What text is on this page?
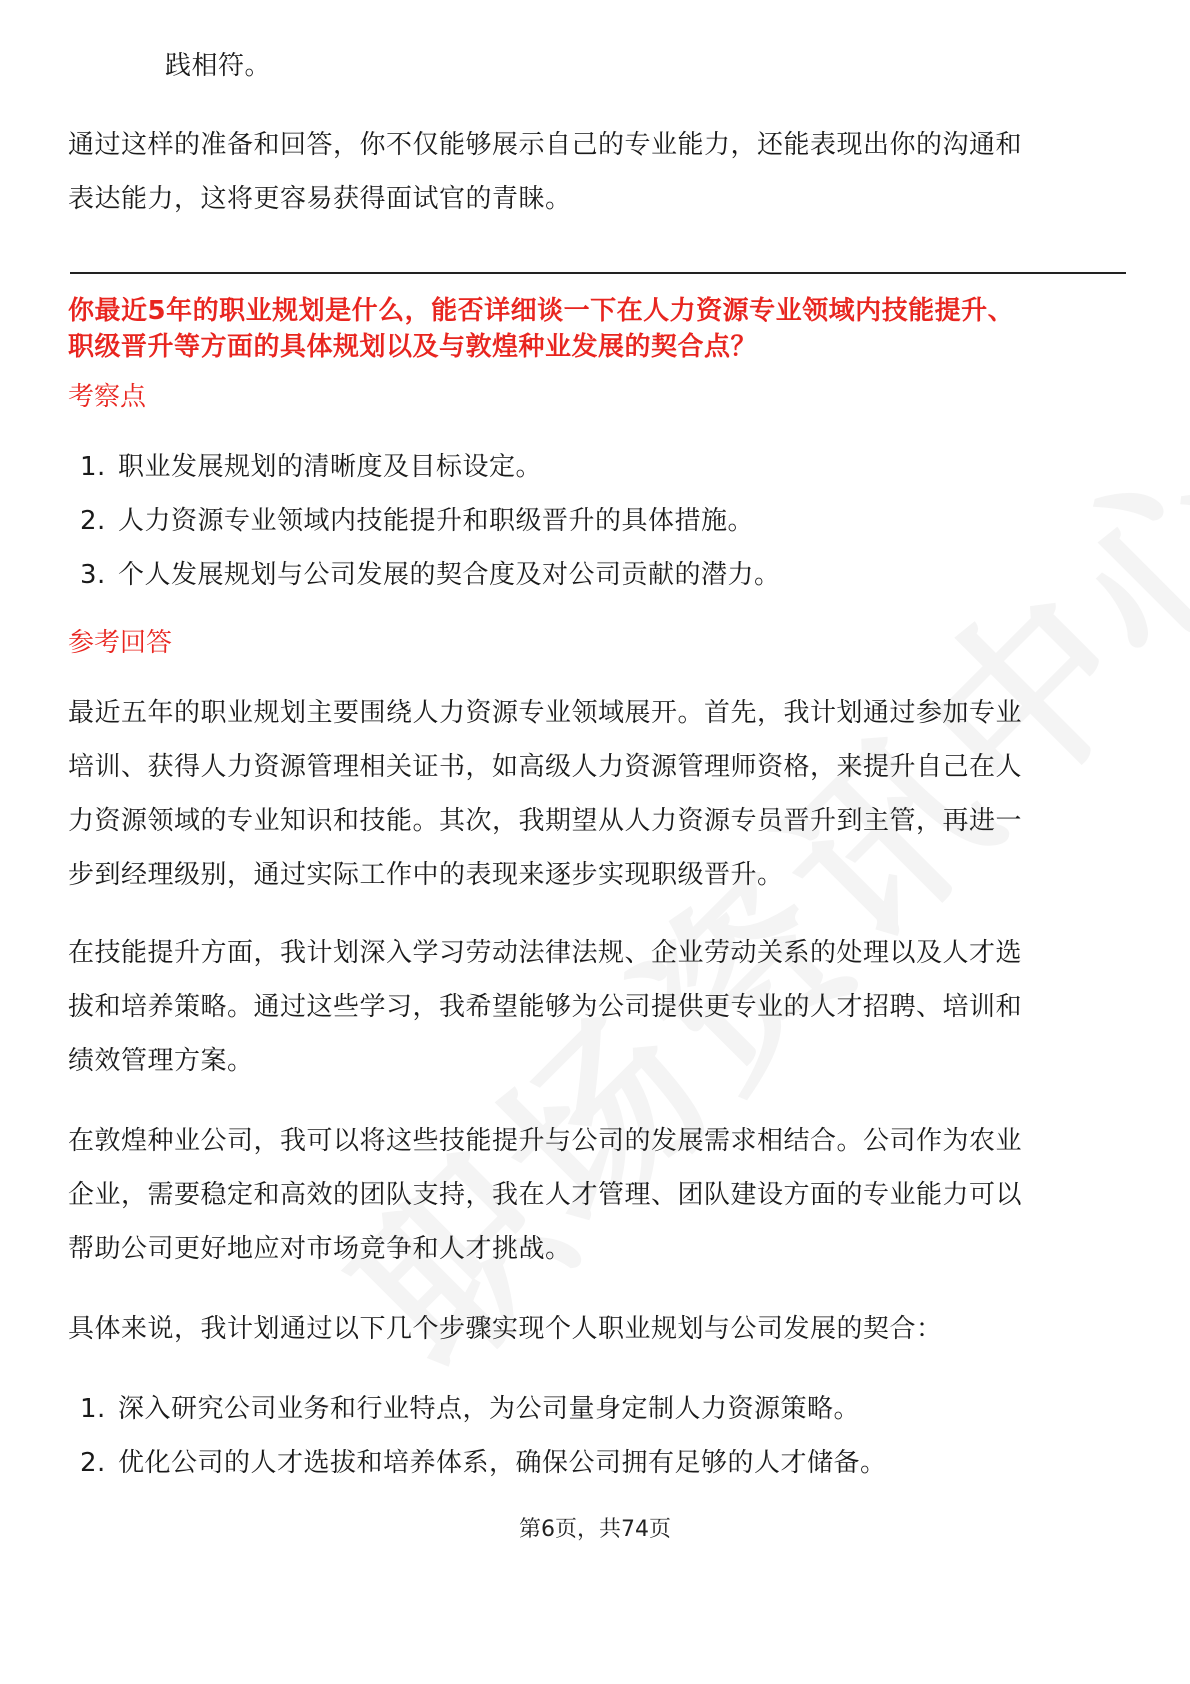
践相符。
通过这样的准备和回答，你不仅能够展示自己的专业能力，还能表现出你的沟通和
表达能力，这将更容易获得面试官的青睐。
你最近5年的职业规划是什么，能否详细谈一下在人力资源专业领域内技能提升、
职级晋升等方面的具体规划以及与敦煌种业发展的契合点？
考察点
1. 职业发展规划的清晰度及目标设定。
2. 人力资源专业领域内技能提升和职级晋升的具体措施。
3. 个人发展规划与公司发展的契合度及对公司贡献的潜力。
参考回答
最近五年的职业规划主要围绕人力资源专业领域展开。首先，我计划通过参加专业
培训、获得人力资源管理相关证书，如高级人力资源管理师资格，来提升自己在人
力资源领域的专业知识和技能。其次，我期望从人力资源专员晋升到主管，再进一
步到经理级别，通过实际工作中的表现来逐步实现职级晋升。
在技能提升方面，我计划深入学习劳动法律法规、企业劳动关系的处理以及人才选
拔和培养策略。通过这些学习，我希望能够为公司提供更专业的人才招聘、培训和
绩效管理方案。
在敦煌种业公司，我可以将这些技能提升与公司的发展需求相结合。公司作为农业
企业，需要稳定和高效的团队支持，我在人才管理、团队建设方面的专业能力可以
帮助公司更好地应对市场竞争和人才挑战。
具体来说，我计划通过以下几个步骤实现个人职业规划与公司发展的契合：
1. 深入研究公司业务和行业特点，为公司量身定制人力资源策略。
2. 优化公司的人才选拔和培养体系，确保公司拥有足够的人才储备。
第6页，共74页
